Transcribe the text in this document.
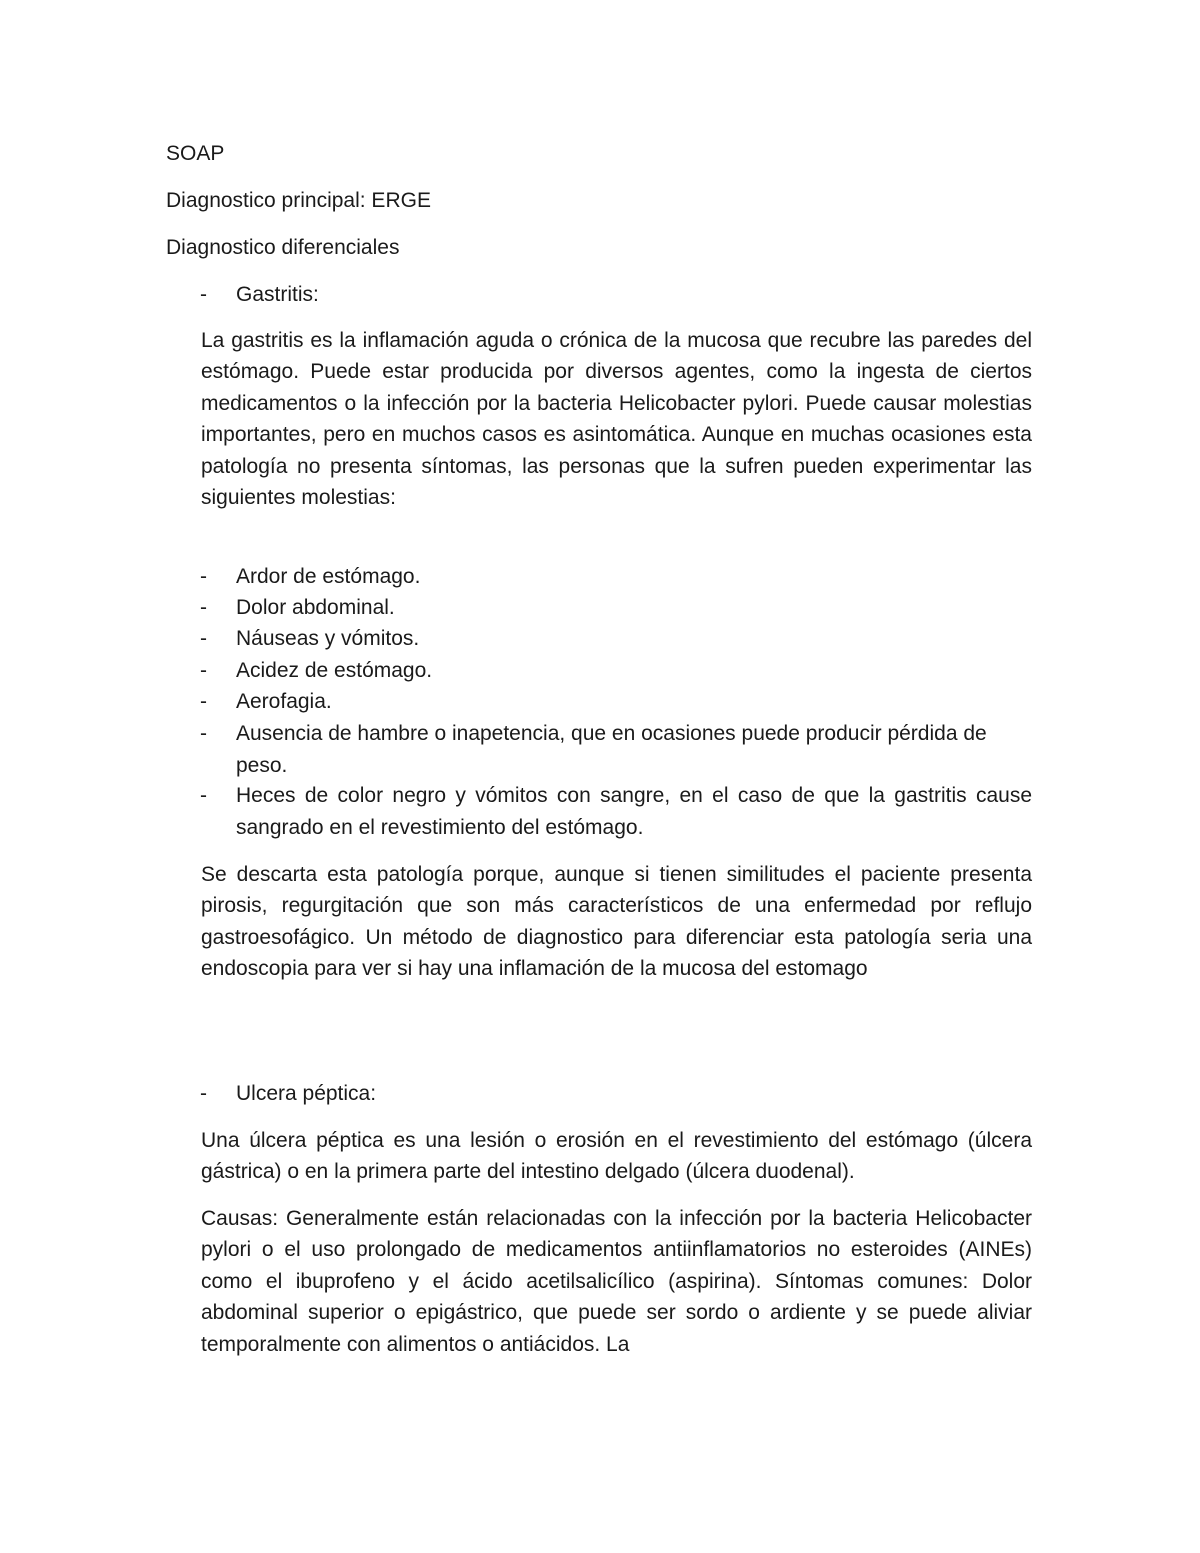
SOAP
Diagnostico principal: ERGE
Diagnostico diferenciales
- Gastritis:
La gastritis es la inflamación aguda o crónica de la mucosa que recubre las paredes del estómago. Puede estar producida por diversos agentes, como la ingesta de ciertos medicamentos o la infección por la bacteria Helicobacter pylori. Puede causar molestias importantes, pero en muchos casos es asintomática. Aunque en muchas ocasiones esta patología no presenta síntomas, las personas que la sufren pueden experimentar las siguientes molestias:
- Ardor de estómago.
- Dolor abdominal.
- Náuseas y vómitos.
- Acidez de estómago.
- Aerofagia.
- Ausencia de hambre o inapetencia, que en ocasiones puede producir pérdida de peso.
- Heces de color negro y vómitos con sangre, en el caso de que la gastritis cause sangrado en el revestimiento del estómago.
Se descarta esta patología porque, aunque si tienen similitudes el paciente presenta pirosis, regurgitación que son más característicos de una enfermedad por reflujo gastroesofágico. Un método de diagnostico para diferenciar esta patología seria una endoscopia para ver si hay una inflamación de la mucosa del estomago
- Ulcera péptica:
Una úlcera péptica es una lesión o erosión en el revestimiento del estómago (úlcera gástrica) o en la primera parte del intestino delgado (úlcera duodenal).
Causas: Generalmente están relacionadas con la infección por la bacteria Helicobacter pylori o el uso prolongado de medicamentos antiinflamatorios no esteroides (AINEs) como el ibuprofeno y el ácido acetilsalicílico (aspirina). Síntomas comunes: Dolor abdominal superior o epigástrico, que puede ser sordo o ardiente y se puede aliviar temporalmente con alimentos o antiácidos. La
